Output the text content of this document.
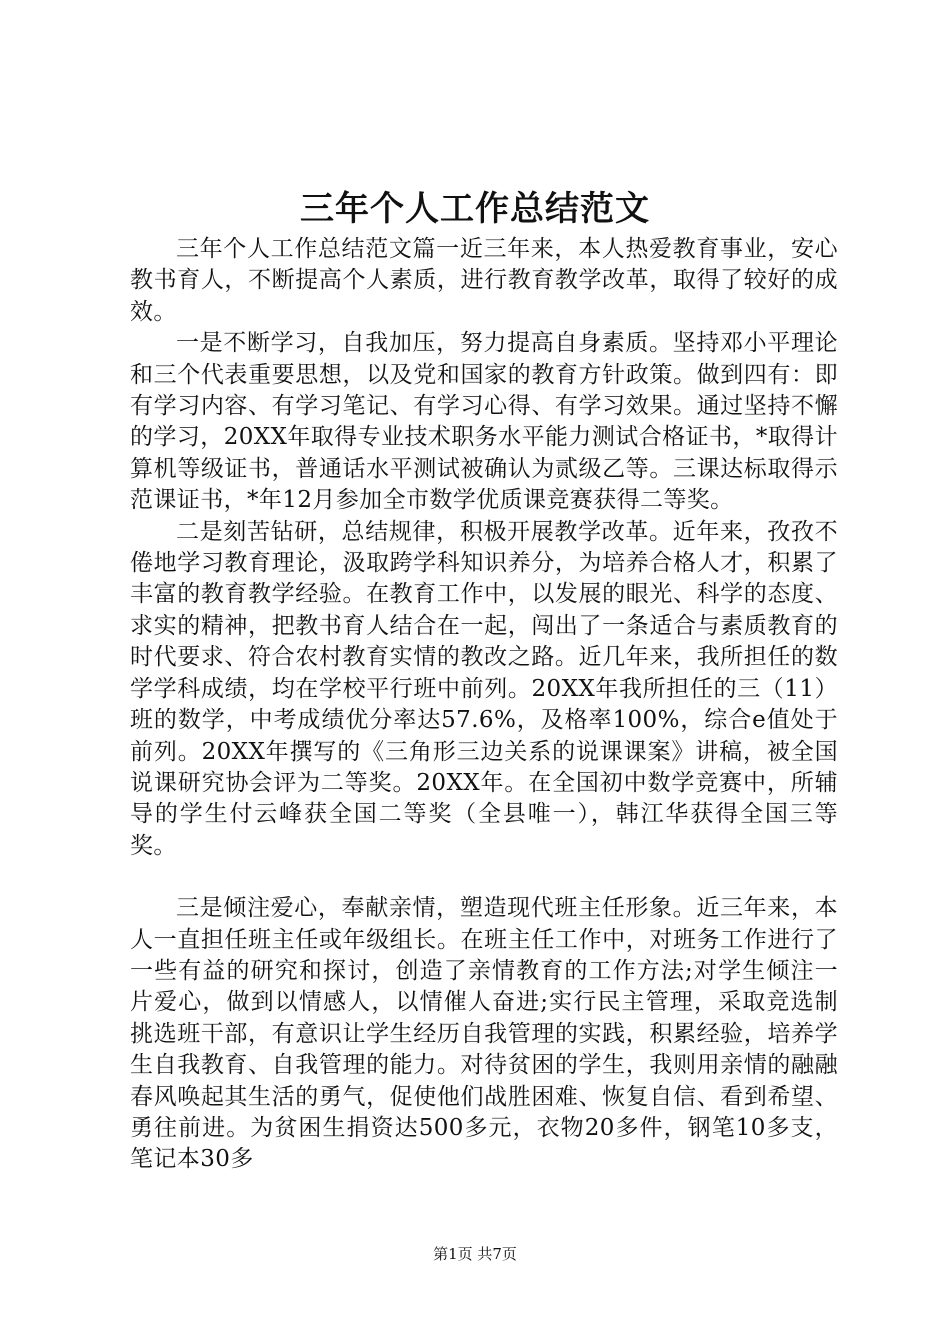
三年个人工作总结范文

三年个人工作总结范文篇一近三年来，本人热爱教育事业，安心教书育人，不断提高个人素质，进行教育教学改革，取得了较好的成效。

一是不断学习，自我加压，努力提高自身素质。坚持邓小平理论和三个代表重要思想，以及党和国家的教育方针政策。做到四有：即有学习内容、有学习笔记、有学习心得、有学习效果。通过坚持不懈的学习，20XX年取得专业技术职务水平能力测试合格证书，*取得计算机等级证书，普通话水平测试被确认为贰级乙等。三课达标取得示范课证书，*年12月参加全市数学优质课竞赛获得二等奖。

二是刻苦钻研，总结规律，积极开展教学改革。近年来，孜孜不倦地学习教育理论，汲取跨学科知识养分，为培养合格人才，积累了丰富的教育教学经验。在教育工作中，以发展的眼光、科学的态度、求实的精神，把教书育人结合在一起，闯出了一条适合与素质教育的时代要求、符合农村教育实情的教改之路。近几年来，我所担任的数学学科成绩，均在学校平行班中前列。20XX年我所担任的三（11）班的数学，中考成绩优分率达57.6%，及格率100%，综合e值处于前列。20XX年撰写的《三角形三边关系的说课课案》讲稿，被全国说课研究协会评为二等奖。20XX年。在全国初中数学竞赛中，所辅导的学生付云峰获全国二等奖（全县唯一），韩江华获得全国三等奖。

三是倾注爱心，奉献亲情，塑造现代班主任形象。近三年来，本人一直担任班主任或年级组长。在班主任工作中，对班务工作进行了一些有益的研究和探讨，创造了亲情教育的工作方法;对学生倾注一片爱心，做到以情感人，以情催人奋进;实行民主管理，采取竞选制挑选班干部，有意识让学生经历自我管理的实践，积累经验，培养学生自我教育、自我管理的能力。对待贫困的学生，我则用亲情的融融春风唤起其生活的勇气，促使他们战胜困难、恢复自信、看到希望、勇往前进。为贫困生捐资达500多元，衣物20多件，钢笔10多支，笔记本30多

第1页 共7页
